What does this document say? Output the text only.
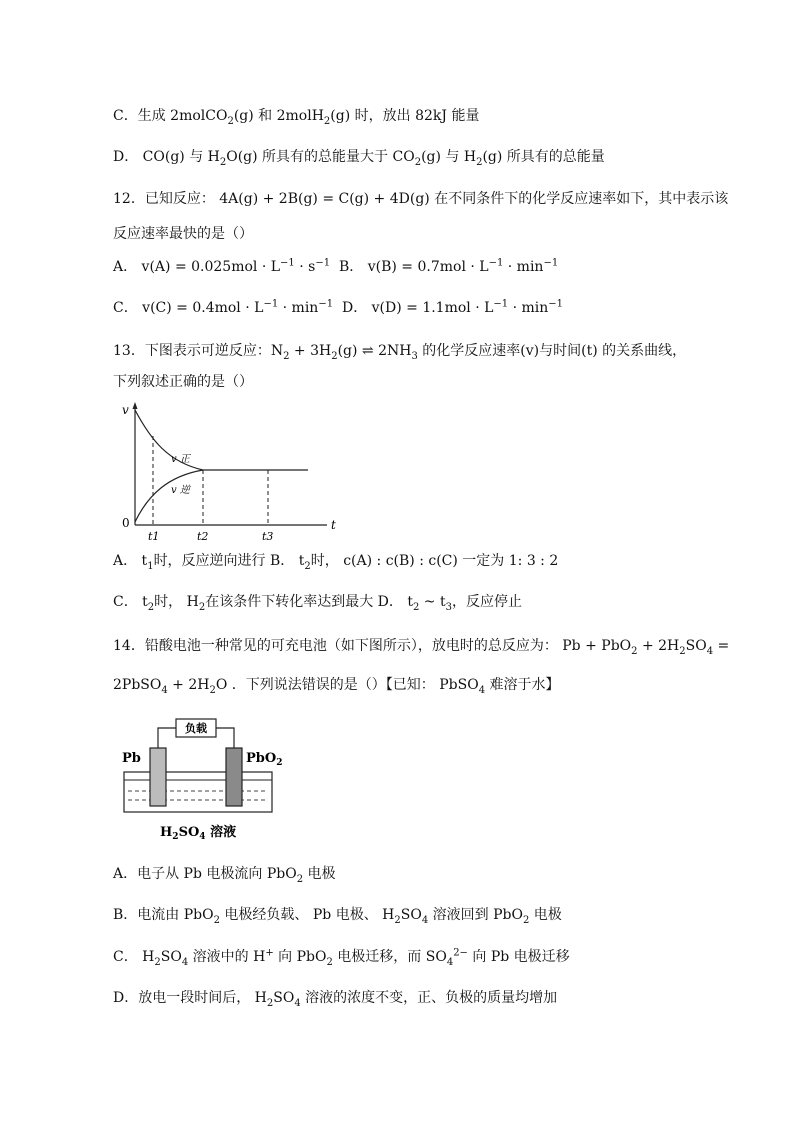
C．生成 2molCO$_2$(g) 和 2molH$_2$(g) 时，放出 82kJ 能量
D． CO(g) 与 $H_2O(g)$ 所具有的总能量大于 $CO_2(g)$ 与 $H_2(g)$ 所具有的总能量
12．已知反应： 4A(g) + 2B(g) = C(g) + 4D(g) 在不同条件下的化学反应速率如下，其中表示该
反应速率最快的是（）
A． $v(A) = 0.025mol \cdot L^{-1} \cdot s^{-1}$  B． $v(B) = 0.7mol \cdot L^{-1} \cdot \min^{-1}$
C． $v(C) = 0.4mol \cdot L^{-1} \cdot \min^{-1} D$． $v(D) = 1.1mol \cdot L^{-1} \cdot \min^{-1}$
13．下图表示可逆反应：$N_2 + 3H_2(g)$ ⇌ $2NH_3$ 的化学反应速率(v)与时间(t) 的关系曲线，
下列叙述正确的是（）
v
t
0
v 正
v 逆
t1	t2	t3
A． $t_1$时，反应逆向进行 B． $t_2$时， c(A) : c(B) : c(C) 一定为 1: 3 : 2
C． $t_2$时， $H_2$在该条件下转化率达到最大 D． $t_2$ ~ $t_3$，反应停止
14．铅酸电池一种常见的可充电池（如下图所示），放电时的总反应为： $Pb + PbO_2 + 2H_2SO_4$ =
2PbSO$_4$ + $2H_2O$ ．下列说法错误的是（）【已知： PbSO$_4$ 难溶于水】
负载
Pb	PbO$_2$
$H_2SO_4$ 溶液
A．电子从 Pb 电极流向 PbO$_2$ 电极
B．电流由 PbO$_2$ 电极经负载、 Pb 电极、 $H_2SO_4$ 溶液回到 PbO$_2$ 电极
C． $H_2SO_4$ 溶液中的 H+ 向 PbO$_2$ 电极迁移，而 $SO_4^{2-}$ 向 Pb 电极迁移
D．放电一段时间后， $H_2SO_4$ 溶液的浓度不变，正、负极的质量均增加
